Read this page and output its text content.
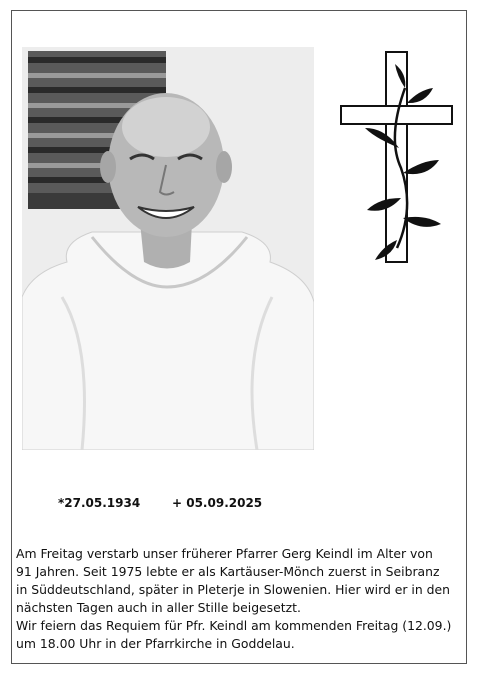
*27.05.1934	+ 05.09.2025

Am Freitag verstarb unser früherer Pfarrer Gerg Keindl im Alter von

91 Jahren. Seit 1975 lebte er als Kartäuser-Mönch zuerst in Seibranz

in Süddeutschland, später in Pleterje in Slowenien. Hier wird er in den

nächsten Tagen auch in aller Stille beigesetzt.

Wir feiern das Requiem für Pfr. Keindl am kommenden Freitag (12.09.)

um 18.00 Uhr in der Pfarrkirche in Goddelau.
